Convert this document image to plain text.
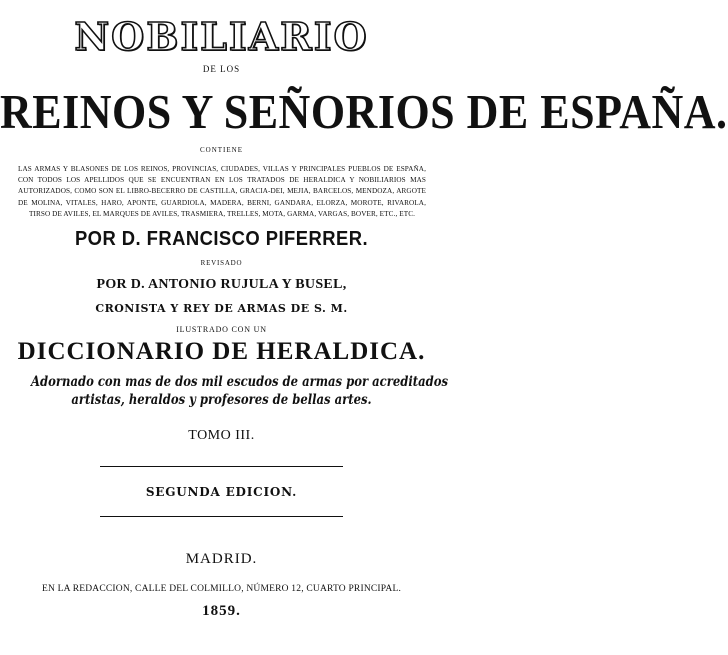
NOBILIARIO
DE LOS
REINOS Y SEÑORIOS DE ESPAÑA.
CONTIENE
LAS ARMAS Y BLASONES DE LOS REINOS, PROVINCIAS, CIUDADES, VILLAS Y PRINCIPALES PUEBLOS DE ESPAÑA, CON TODOS LOS APELLIDOS QUE SE ENCUENTRAN EN LOS TRATADOS DE HERALDICA Y NOBILIARIOS MAS AUTORIZADOS, COMO SON EL LIBRO-BECERRO DE CASTILLA, GRACIA-DEI, MEJIA, BARCELOS, MENDOZA, ARGOTE DE MOLINA, VITALES, HARO, APONTE, GUARDIOLA, MADERA, BERNI, GANDARA, ELORZA, MOROTE, RIVAROLA, TIRSO DE AVILES, EL MARQUES DE AVILES, TRASMIERA, TRELLES, MOTA, GARMA, VARGAS, BOVER, ETC., ETC.
POR D. FRANCISCO PIFERRER.
REVISADO
POR D. ANTONIO RUJULA Y BUSEL,
CRONISTA Y REY DE ARMAS DE S. M.
ILUSTRADO CON UN
DICCIONARIO DE HERALDICA.
Adornado con mas de dos mil escudos de armas por acreditados
artistas, heraldos y profesores de bellas artes.
TOMO III.
SEGUNDA EDICION.
MADRID.
EN LA REDACCION, CALLE DEL COLMILLO, NÚMERO 12, CUARTO PRINCIPAL.
1859.
